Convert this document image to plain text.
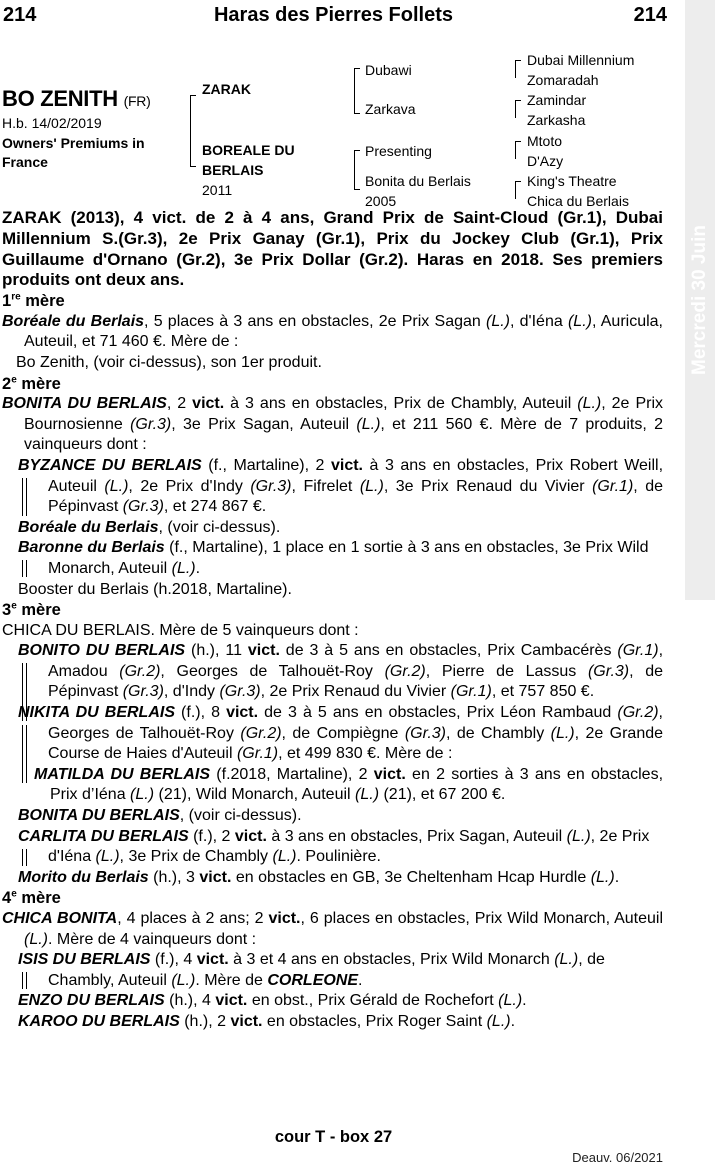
214	Haras des Pierres Follets	214
Mercredi 30 Juin
BO ZENITH (FR)
H.b. 14/02/2019
Owners' Premiums in France
ZARAK
BOREALE DU
BERLAIS
2011
Dubawi
Zarkava
Presenting
Bonita du Berlais
2005
Dubai Millennium
Zomaradah
Zamindar
Zarkasha
Mtoto
D'Azy
King's Theatre
Chica du Berlais

ZARAK (2013), 4 vict. de 2 à 4 ans, Grand Prix de Saint-Cloud (Gr.1), Dubai Millennium S.(Gr.3), 2e Prix Ganay (Gr.1), Prix du Jockey Club (Gr.1), Prix Guillaume d'Ornano (Gr.2), 3e Prix Dollar (Gr.2). Haras en 2018. Ses premiers produits ont deux ans.

1re mère

Boréale du Berlais, 5 places à 3 ans en obstacles, 2e Prix Sagan (L.), d'Iéna (L.), Auricula, Auteuil, et 71 460 €. Mère de :

Bo Zenith, (voir ci-dessus), son 1er produit.

2e mère

BONITA DU BERLAIS, 2 vict. à 3 ans en obstacles, Prix de Chambly, Auteuil (L.), 2e Prix Bournosienne (Gr.3), 3e Prix Sagan, Auteuil (L.), et 211 560 €. Mère de 7 produits, 2 vainqueurs dont :

BYZANCE DU BERLAIS (f., Martaline), 2 vict. à 3 ans en obstacles, Prix Robert Weill, Auteuil (L.), 2e Prix d'Indy (Gr.3), Fifrelet (L.), 3e Prix Renaud du Vivier (Gr.1), de Pépinvast (Gr.3), et 274 867 €.

Boréale du Berlais, (voir ci-dessus).

Baronne du Berlais (f., Martaline), 1 place en 1 sortie à 3 ans en obstacles, 3e Prix Wild Monarch, Auteuil (L.).

Booster du Berlais (h.2018, Martaline).

3e mère

CHICA DU BERLAIS. Mère de 5 vainqueurs dont :

BONITO DU BERLAIS (h.), 11 vict. de 3 à 5 ans en obstacles, Prix Cambacérès (Gr.1), Amadou (Gr.2), Georges de Talhouët-Roy (Gr.2), Pierre de Lassus (Gr.3), de Pépinvast (Gr.3), d'Indy (Gr.3), 2e Prix Renaud du Vivier (Gr.1), et 757 850 €.

NIKITA DU BERLAIS (f.), 8 vict. de 3 à 5 ans en obstacles, Prix Léon Rambaud (Gr.2), Georges de Talhouët-Roy (Gr.2), de Compiègne (Gr.3), de Chambly (L.), 2e Grande Course de Haies d'Auteuil (Gr.1), et 499 830 €. Mère de :

MATILDA DU BERLAIS (f.2018, Martaline), 2 vict. en 2 sorties à 3 ans en obstacles, Prix d’Iéna (L.) (21), Wild Monarch, Auteuil (L.) (21), et 67 200 €.

BONITA DU BERLAIS, (voir ci-dessus).

CARLITA DU BERLAIS (f.), 2 vict. à 3 ans en obstacles, Prix Sagan, Auteuil (L.), 2e Prix d'Iéna (L.), 3e Prix de Chambly (L.). Poulinière.

Morito du Berlais (h.), 3 vict. en obstacles en GB, 3e Cheltenham Hcap Hurdle (L.).

4e mère

CHICA BONITA, 4 places à 2 ans; 2 vict., 6 places en obstacles, Prix Wild Monarch, Auteuil (L.). Mère de 4 vainqueurs dont :

ISIS DU BERLAIS (f.), 4 vict. à 3 et 4 ans en obstacles, Prix Wild Monarch (L.), de Chambly, Auteuil (L.). Mère de CORLEONE.

ENZO DU BERLAIS (h.), 4 vict. en obst., Prix Gérald de Rochefort (L.).

KAROO DU BERLAIS (h.), 2 vict. en obstacles, Prix Roger Saint (L.).

cour T - box 27
Deauv. 06/2021
